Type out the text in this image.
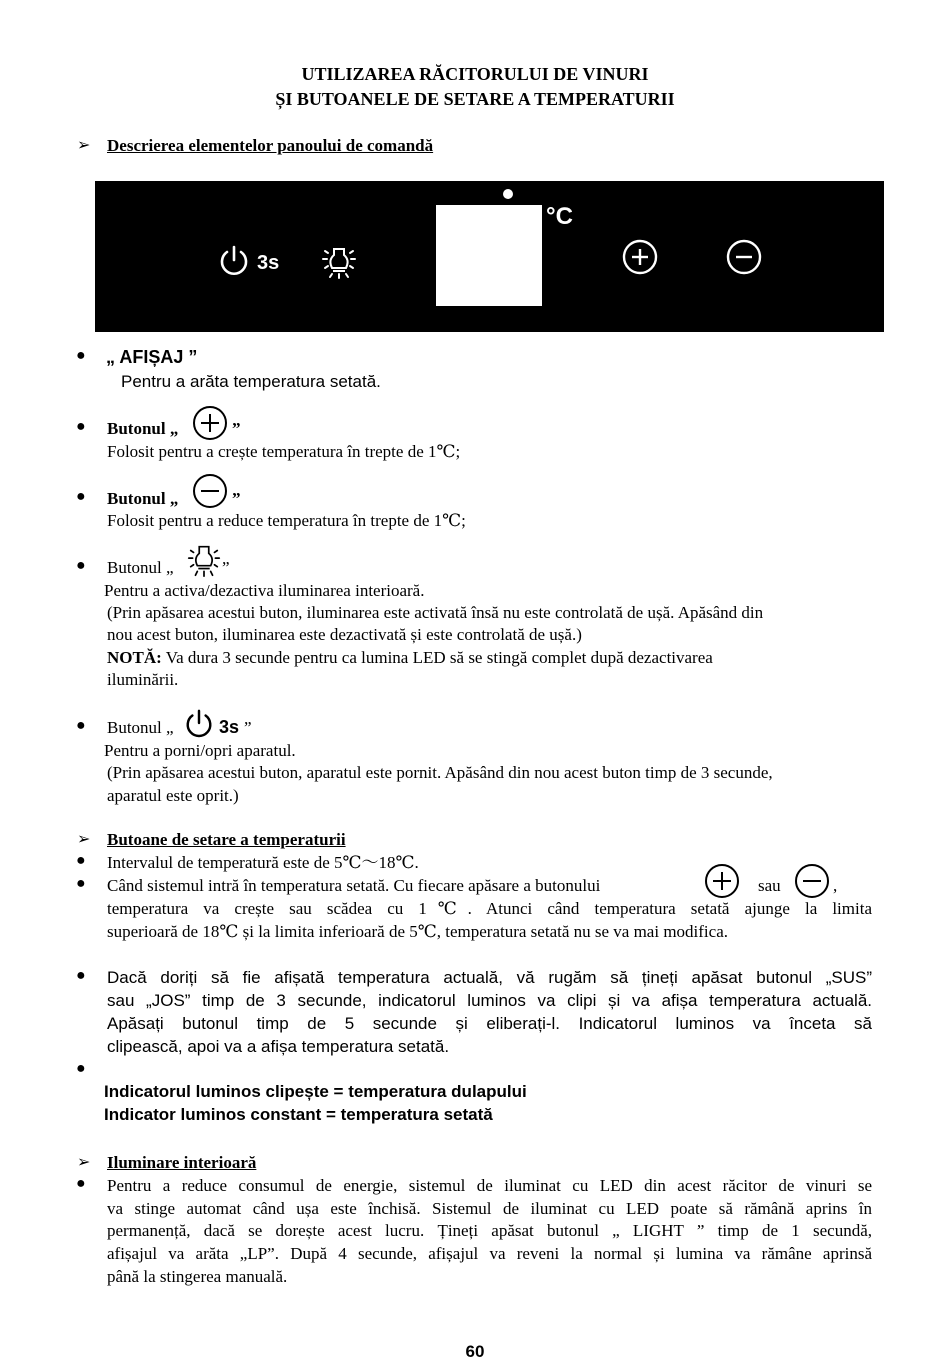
UTILIZAREA RĂCITORULUI DE VINURI
ȘI BUTOANELE DE SETARE A TEMPERATURII
➢ Descrierea elementelor panoului de comandă
3s
°C
● „ AFIȘAJ ”
Pentru a arăta temperatura setată.
● Butonul „	”
Folosit pentru a crește temperatura în trepte de 1℃;
● Butonul „	”
Folosit pentru a reduce temperatura în trepte de 1℃;
● Butonul „	”
Pentru a activa/dezactiva iluminarea interioară.
(Prin apăsarea acestui buton, iluminarea este activată însă nu este controlată de ușă. Apăsând din
nou acest buton, iluminarea este dezactivată și este controlată de ușă.)
NOTĂ: Va dura 3 secunde pentru ca lumina LED să se stingă complet după dezactivarea
iluminării.
● Butonul „	3s ”
Pentru a porni/opri aparatul.
(Prin apăsarea acestui buton, aparatul este pornit. Apăsând din nou acest buton timp de 3 secunde,
aparatul este oprit.)
➢ Butoane de setare a temperaturii
● Intervalul de temperatură este de 5℃～18℃.
● Când sistemul intră în temperatura setată. Cu fiecare apăsare a butonului	sau	,
temperatura va crește sau scădea cu 1℃. Atunci când temperatura setată ajunge la limita
superioară de 18℃ și la limita inferioară de 5℃, temperatura setată nu se va mai modifica.
● Dacă doriți să fie afișată temperatura actuală, vă rugăm să țineți apăsat butonul „SUS”
sau „JOS” timp de 3 secunde, indicatorul luminos va clipi și va afișa temperatura actuală.
Apăsați butonul timp de 5 secunde și eliberați-l. Indicatorul luminos va înceta să
clipească, apoi va a afișa temperatura setată.
●
Indicatorul luminos clipește = temperatura dulapului
Indicator luminos constant = temperatura setată
➢ Iluminare interioară
● Pentru a reduce consumul de energie, sistemul de iluminat cu LED din acest răcitor de vinuri se
va stinge automat când ușa este închisă. Sistemul de iluminat cu LED poate să rămână aprins în
permanență, dacă se dorește acest lucru. Țineți apăsat butonul „ LIGHT ” timp de 1 secundă,
afișajul va arăta „LP”. După 4 secunde, afișajul va reveni la normal și lumina va rămâne aprinsă
până la stingerea manuală.
60
